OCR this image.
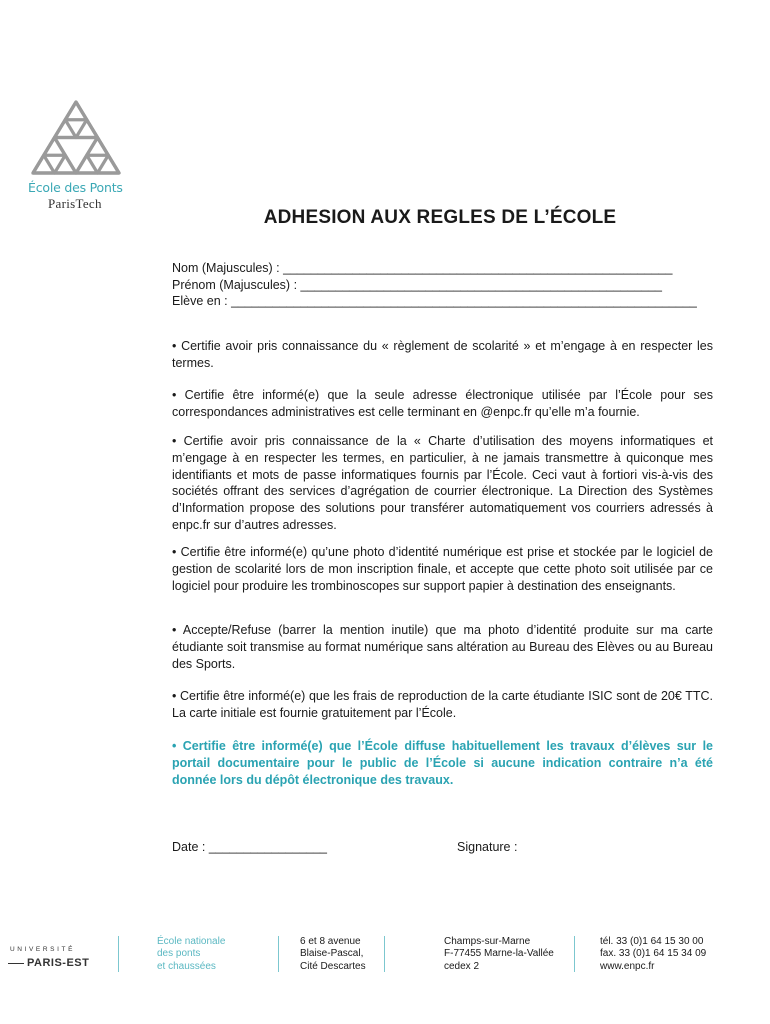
École des Ponts
ParisTech
ADHESION AUX REGLES DE L’ÉCOLE
Nom (Majuscules) : ________________________________________________________
Prénom (Majuscules) : ____________________________________________________
Elève en : ___________________________________________________________________
• Certifie avoir pris connaissance du « règlement de scolarité » et m’engage à en respecter les termes.
• Certifie être informé(e) que la seule adresse électronique utilisée par l’École pour ses correspondances administratives est celle terminant en @enpc.fr qu’elle m’a fournie.
• Certifie avoir pris connaissance de la « Charte d’utilisation des moyens informatiques et m’engage à en respecter les termes, en particulier, à ne jamais transmettre à quiconque mes identifiants et mots de passe informatiques fournis par l’École. Ceci vaut à fortiori vis-à-vis des sociétés offrant des services d’agrégation de courrier électronique. La Direction des Systèmes d’Information propose des solutions pour transférer automatiquement vos courriers adressés à enpc.fr sur d’autres adresses.
• Certifie être informé(e) qu’une photo d’identité numérique est prise et stockée par le logiciel de gestion de scolarité lors de mon inscription finale, et accepte que cette photo soit utilisée par ce logiciel pour produire les trombinoscopes sur support papier à destination des enseignants.
• Accepte/Refuse (barrer la mention inutile) que ma photo d’identité produite sur ma carte étudiante soit transmise au format numérique sans altération au Bureau des Elèves ou au Bureau des Sports.
• Certifie être informé(e) que les frais de reproduction de la carte étudiante ISIC sont de 20€ TTC. La carte initiale est fournie gratuitement par l’École.
• Certifie être informé(e) que l’École diffuse habituellement les travaux d’élèves sur le portail documentaire pour le public de l’École si aucune indication contraire n’a été donnée lors du dépôt électronique des travaux.
Date : _________________	Signature :
UNIVERSITÉ
PARIS-EST
École nationale
des ponts
et chaussées
6 et 8 avenue
Blaise-Pascal,
Cité Descartes
Champs-sur-Marne
F-77455 Marne-la-Vallée
cedex 2
tél. 33 (0)1 64 15 30 00
fax. 33 (0)1 64 15 34 09
www.enpc.fr
